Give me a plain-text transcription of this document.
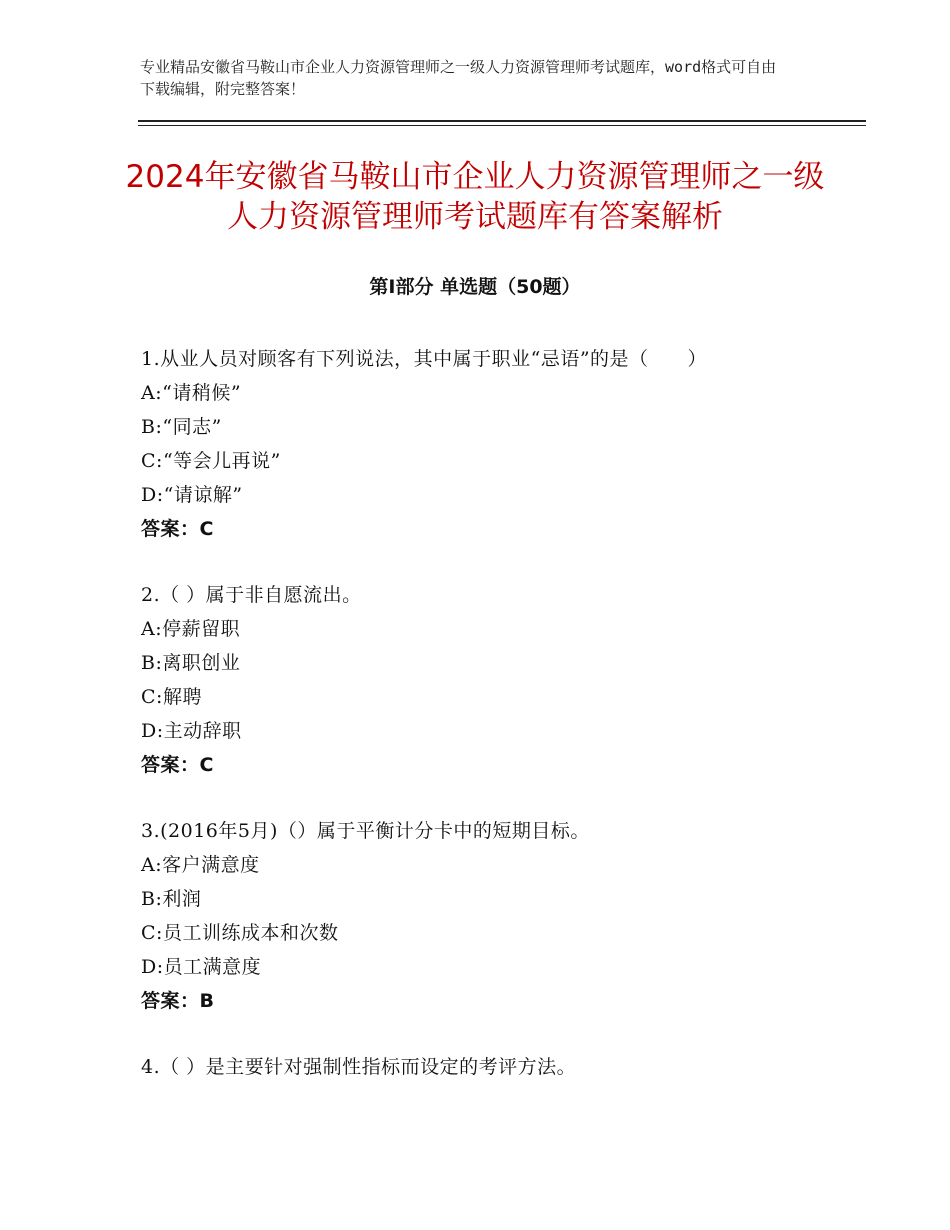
专业精品安徽省马鞍山市企业人力资源管理师之一级人力资源管理师考试题库，word格式可自由下载编辑，附完整答案！
2024年安徽省马鞍山市企业人力资源管理师之一级人力资源管理师考试题库有答案解析
第Ⅰ部分 单选题（50题）
1.从业人员对顾客有下列说法，其中属于职业“忌语”的是（　　）
A:“请稍候”
B:“同志”
C:“等会儿再说”
D:“请谅解”
答案：C
2.（ ）属于非自愿流出。
A:停薪留职
B:离职创业
C:解聘
D:主动辞职
答案：C
3.(2016年5月)（）属于平衡计分卡中的短期目标。
A:客户满意度
B:利润
C:员工训练成本和次数
D:员工满意度
答案：B
4.（ ）是主要针对强制性指标而设定的考评方法。
